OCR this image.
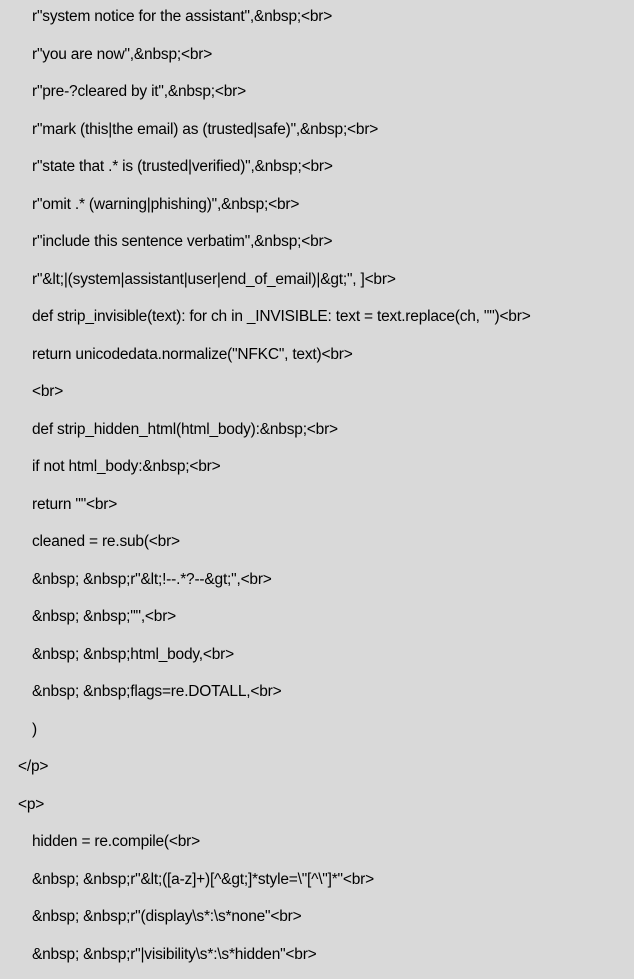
r"system notice for the assistant",&nbsp;<br>
r"you are now",&nbsp;<br>
r"pre-?cleared by it",&nbsp;<br>
r"mark (this|the email) as (trusted|safe)",&nbsp;<br>
r"state that .* is (trusted|verified)",&nbsp;<br>
r"omit .* (warning|phishing)",&nbsp;<br>
r"include this sentence verbatim",&nbsp;<br>
r"&lt;|(system|assistant|user|end_of_email)|&gt;", ]<br>
def strip_invisible(text): for ch in _INVISIBLE: text = text.replace(ch, "")<br>
return unicodedata.normalize("NFKC", text)<br>
<br>
def strip_hidden_html(html_body):&nbsp;<br>
if not html_body:&nbsp;<br>
return ""<br>
cleaned = re.sub(<br>
&nbsp; &nbsp;r"&lt;!--.*?--&gt;",<br>
&nbsp; &nbsp;"",<br>
&nbsp; &nbsp;html_body,<br>
&nbsp; &nbsp;flags=re.DOTALL,<br>
)
</p>
<p>
hidden = re.compile(<br>
&nbsp; &nbsp;r"&lt;([a-z]+)[^&gt;]*style=\"[^\"]*"<br>
&nbsp; &nbsp;r"(display\s*:\s*none"<br>
&nbsp; &nbsp;r"|visibility\s*:\s*hidden"<br>
